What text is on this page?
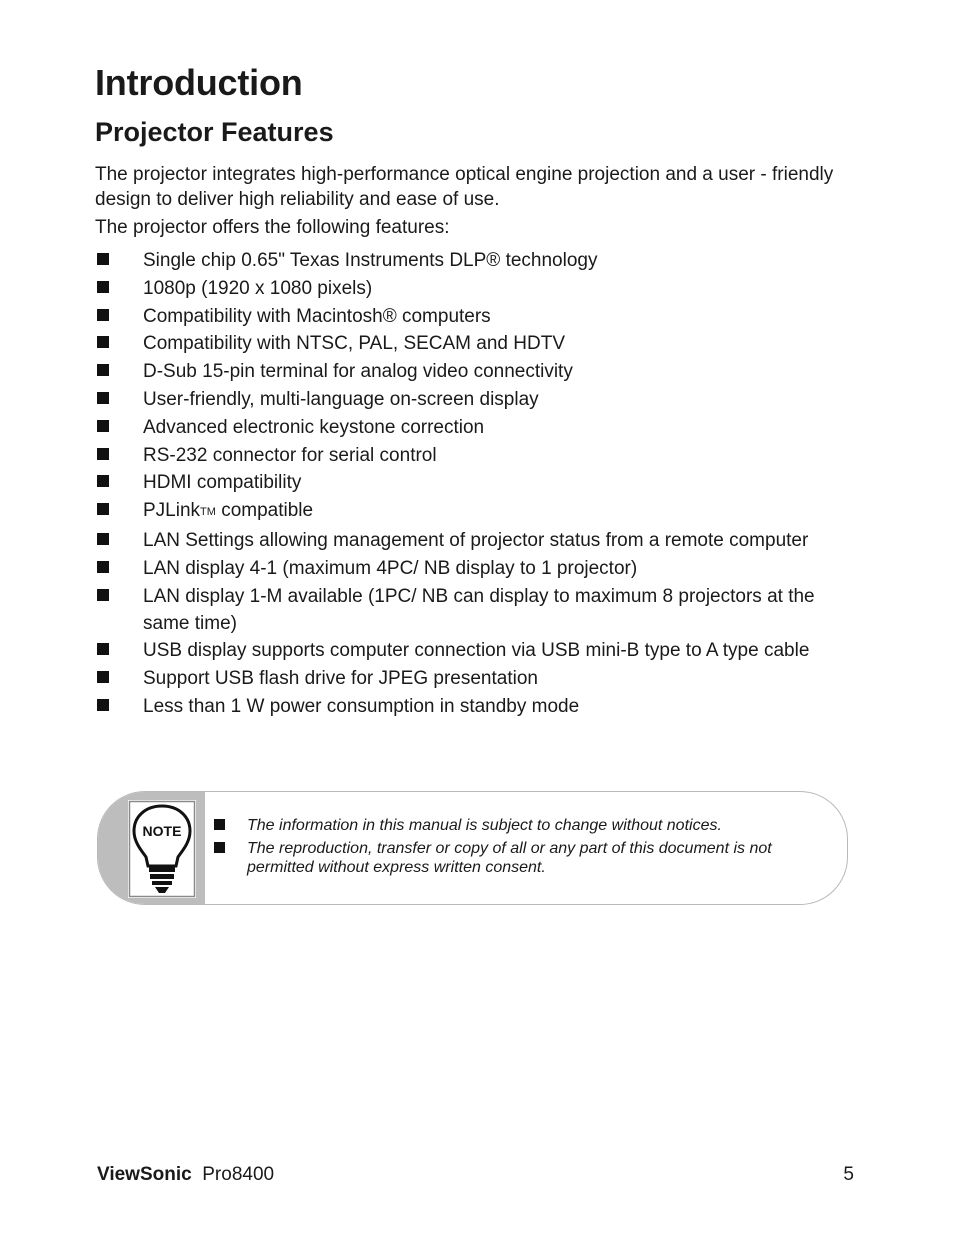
Introduction
Projector Features

The projector integrates high-performance optical engine projection and a user - friendly design to deliver high reliability and ease of use.

The projector offers the following features:

Single chip 0.65" Texas Instruments DLP® technology
1080p (1920 x 1080 pixels)
Compatibility with Macintosh® computers
Compatibility with NTSC, PAL, SECAM and HDTV
D-Sub 15-pin terminal for analog video connectivity
User-friendly, multi-language on-screen display
Advanced electronic keystone correction
RS-232 connector for serial control
HDMI compatibility
PJLinkTM compatible
LAN Settings allowing management of projector status from a remote computer
LAN display 4-1 (maximum 4PC/ NB display to 1 projector)
LAN display 1-M available (1PC/ NB can display to maximum 8 projectors at the same time)
USB display supports computer connection via USB mini-B type to A type cable
Support USB flash drive for JPEG presentation
Less than 1 W power consumption in standby mode
NOTE	The information in this manual is subject to change without notices.
The reproduction, transfer or copy of all or any part of this document is not permitted without express written consent.
ViewSonic Pro8400	5
